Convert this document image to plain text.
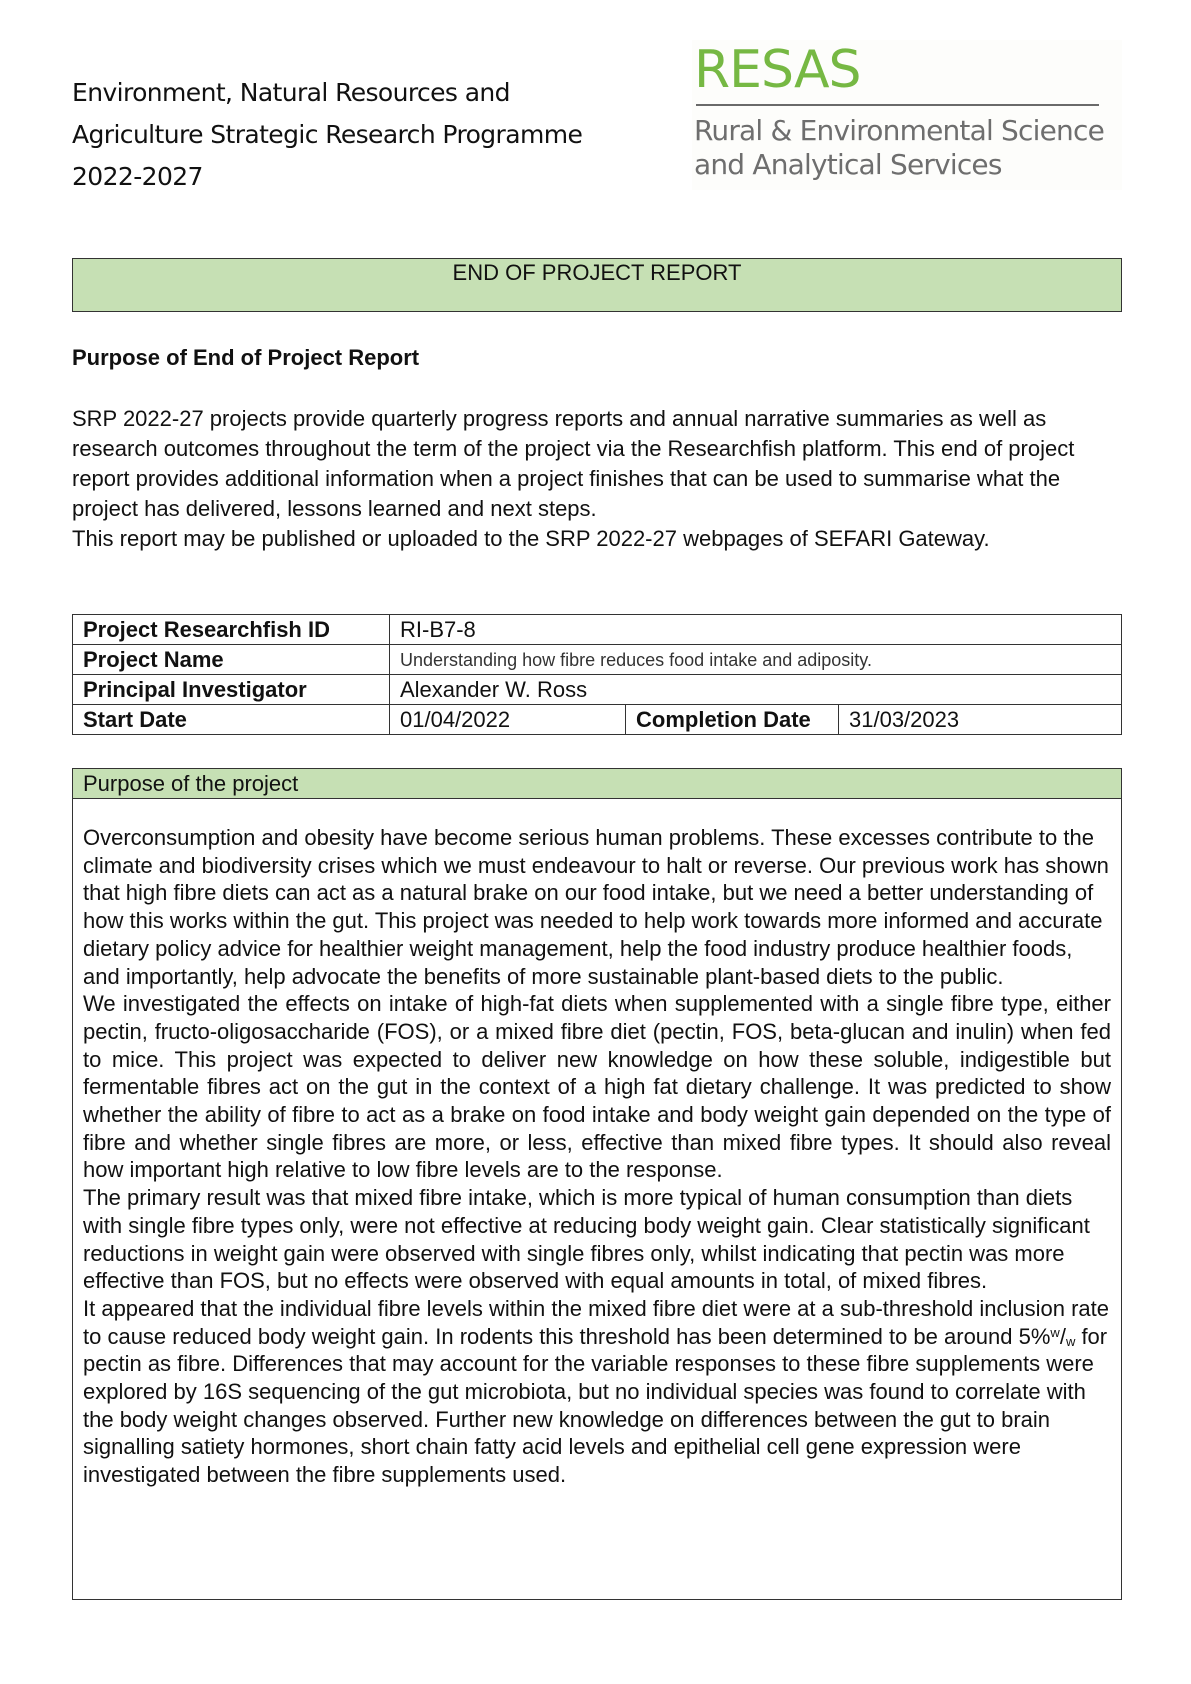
Environment, Natural Resources and
Agriculture Strategic Research Programme
2022-2027
RESAS
Rural & Environmental Science
and Analytical Services
END OF PROJECT REPORT
Purpose of End of Project Report

SRP 2022-27 projects provide quarterly progress reports and annual narrative summaries as well as research outcomes throughout the term of the project via the Researchfish platform. This end of project report provides additional information when a project finishes that can be used to summarise what the project has delivered, lessons learned and next steps.

This report may be published or uploaded to the SRP 2022-27 webpages of SEFARI Gateway.

Project Researchfish ID	RI-B7-8		
Project Name	Understanding how fibre reduces food intake and adiposity.		
Principal Investigator	Alexander W. Ross		
Start Date	01/04/2022	Completion Date	31/03/2023
Purpose of the project

Overconsumption and obesity have become serious human problems. These excesses contribute to the climate and biodiversity crises which we must endeavour to halt or reverse. Our previous work has shown that high fibre diets can act as a natural brake on our food intake, but we need a better understanding of how this works within the gut. This project was needed to help work towards more informed and accurate dietary policy advice for healthier weight management, help the food industry produce healthier foods, and importantly, help advocate the benefits of more sustainable plant-based diets to the public.

We investigated the effects on intake of high-fat diets when supplemented with a single fibre type, either pectin, fructo-oligosaccharide (FOS), or a mixed fibre diet (pectin, FOS, beta-glucan and inulin) when fed to mice. This project was expected to deliver new knowledge on how these soluble, indigestible but fermentable fibres act on the gut in the context of a high fat dietary challenge. It was predicted to show whether the ability of fibre to act as a brake on food intake and body weight gain depended on the type of fibre and whether single fibres are more, or less, effective than mixed fibre types. It should also reveal how important high relative to low fibre levels are to the response.

The primary result was that mixed fibre intake, which is more typical of human consumption than diets with single fibre types only, were not effective at reducing body weight gain. Clear statistically significant reductions in weight gain were observed with single fibres only, whilst indicating that pectin was more effective than FOS, but no effects were observed with equal amounts in total, of mixed fibres.

It appeared that the individual fibre levels within the mixed fibre diet were at a sub-threshold inclusion rate to cause reduced body weight gain. In rodents this threshold has been determined to be around $5\%^w/_w$ for pectin as fibre. Differences that may account for the variable responses to these fibre supplements were explored by 16S sequencing of the gut microbiota, but no individual species was found to correlate with the body weight changes observed. Further new knowledge on differences between the gut to brain signalling satiety hormones, short chain fatty acid levels and epithelial cell gene expression were investigated between the fibre supplements used.
